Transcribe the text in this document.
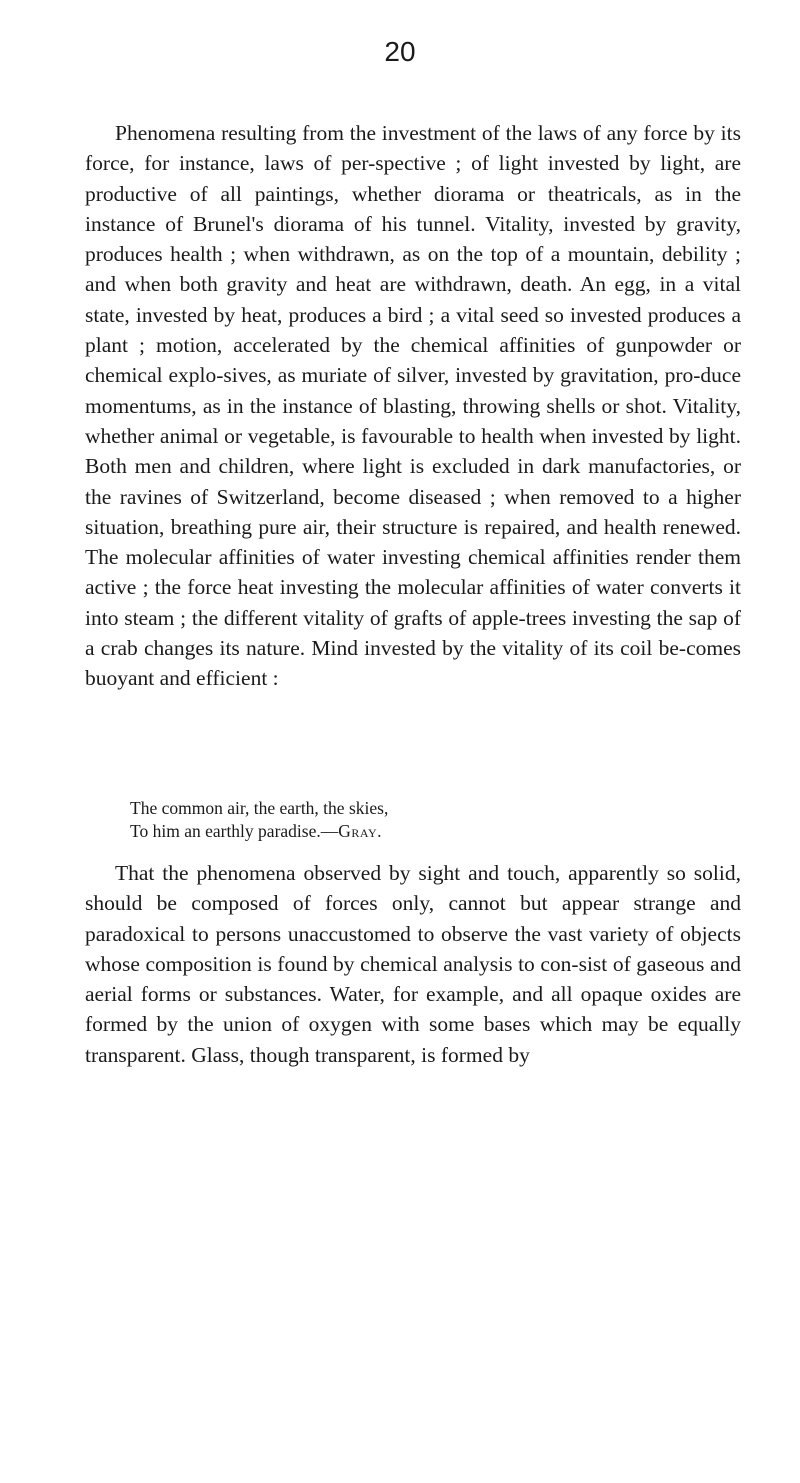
20

Phenomena resulting from the investment of the laws of any force by its force, for instance, laws of per-spective ; of light invested by light, are productive of all paintings, whether diorama or theatricals, as in the instance of Brunel's diorama of his tunnel. Vitality, invested by gravity, produces health ; when withdrawn, as on the top of a mountain, debility ; and when both gravity and heat are withdrawn, death. An egg, in a vital state, invested by heat, produces a bird ; a vital seed so invested produces a plant ; motion, accelerated by the chemical affinities of gunpowder or chemical explo-sives, as muriate of silver, invested by gravitation, pro-duce momentums, as in the instance of blasting, throwing shells or shot. Vitality, whether animal or vegetable, is favourable to health when invested by light. Both men and children, where light is excluded in dark manufactories, or the ravines of Switzerland, become diseased ; when removed to a higher situation, breathing pure air, their structure is repaired, and health renewed. The molecular affinities of water investing chemical affinities render them active ; the force heat investing the molecular affinities of water converts it into steam ; the different vitality of grafts of apple-trees investing the sap of a crab changes its nature. Mind invested by the vitality of its coil be-comes buoyant and efficient :

The common air, the earth, the skies,
To him an earthly paradise.—Gray.

That the phenomena observed by sight and touch, apparently so solid, should be composed of forces only, cannot but appear strange and paradoxical to persons unaccustomed to observe the vast variety of objects whose composition is found by chemical analysis to con-sist of gaseous and aerial forms or substances. Water, for example, and all opaque oxides are formed by the union of oxygen with some bases which may be equally transparent. Glass, though transparent, is formed by
